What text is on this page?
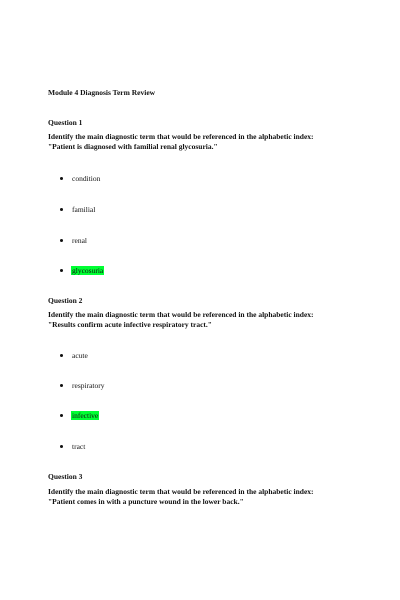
Module 4 Diagnosis Term Review
Question 1
Identify the main diagnostic term that would be referenced in the alphabetic index:
"Patient is diagnosed with familial renal glycosuria."
condition
familial
renal
glycosuria
Question 2
Identify the main diagnostic term that would be referenced in the alphabetic index:
"Results confirm acute infective respiratory tract."
acute
respiratory
infective
tract
Question 3
Identify the main diagnostic term that would be referenced in the alphabetic index:
"Patient comes in with a puncture wound in the lower back."
